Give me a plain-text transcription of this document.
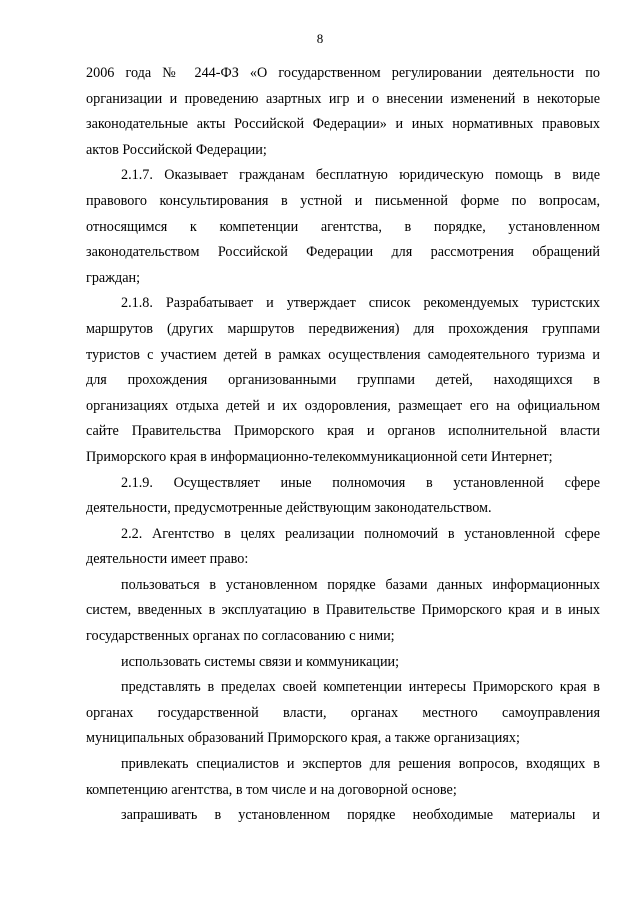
8
2006 года № 244-ФЗ «О государственном регулировании деятельности по
организации и проведению азартных игр и о внесении изменений в некоторые
законодательные акты Российской Федерации» и иных нормативных правовых
актов Российской Федерации;
2.1.7. Оказывает гражданам бесплатную юридическую помощь в виде
правового консультирования в устной и письменной форме по вопросам,
относящимся к компетенции агентства, в порядке, установленном
законодательством Российской Федерации для рассмотрения обращений
граждан;
2.1.8. Разрабатывает и утверждает список рекомендуемых туристских
маршрутов (других маршрутов передвижения) для прохождения группами
туристов с участием детей в рамках осуществления самодеятельного туризма и
для прохождения организованными группами детей, находящихся в
организациях отдыха детей и их оздоровления, размещает его на официальном
сайте Правительства Приморского края и органов исполнительной власти
Приморского края в информационно-телекоммуникационной сети Интернет;
2.1.9. Осуществляет иные полномочия в установленной сфере
деятельности, предусмотренные действующим законодательством.
2.2. Агентство в целях реализации полномочий в установленной сфере
деятельности имеет право:
пользоваться в установленном порядке базами данных информационных
систем, введенных в эксплуатацию в Правительстве Приморского края и в иных
государственных органах по согласованию с ними;
использовать системы связи и коммуникации;
представлять в пределах своей компетенции интересы Приморского края в
органах государственной власти, органах местного самоуправления
муниципальных образований Приморского края, а также организациях;
привлекать специалистов и экспертов для решения вопросов, входящих в
компетенцию агентства, в том числе и на договорной основе;
запрашивать в установленном порядке необходимые материалы и
